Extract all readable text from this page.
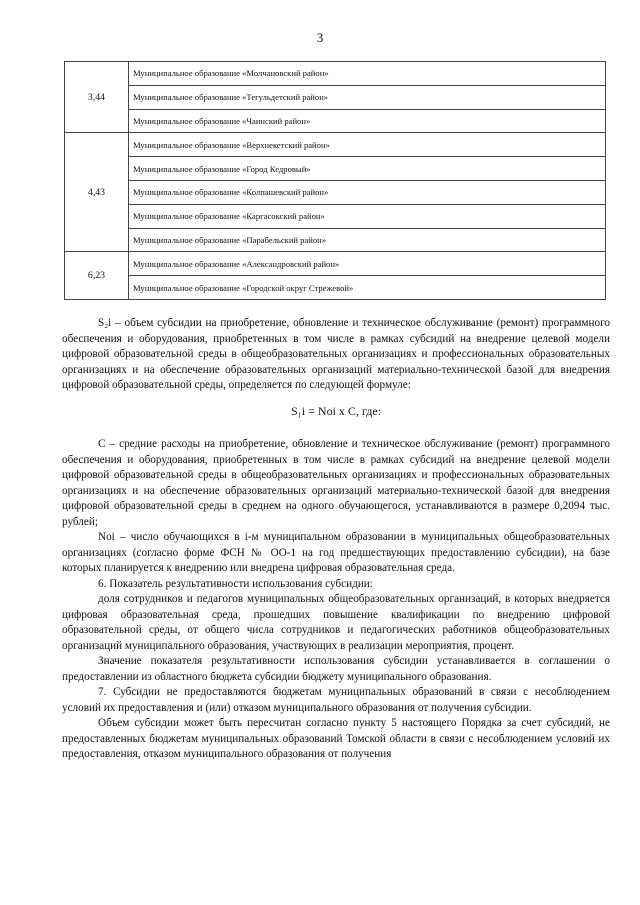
3
3,44	Муниципальное образование «Молчановский район»
	Муниципальное образование «Тегульдетский район»
	Муниципальное образование «Чаинский район»
4,43	Муниципальное образование «Верхнекетский район»
	Муниципальное образование «Город Кедровый»
	Муниципальное образование «Колпашевский район»
	Муниципальное образование «Каргасокский район»
	Муниципальное образование «Парабельский район»
6,23	Муниципальное образование «Александровский район»
	Муниципальное образование «Городской округ Стрежевой»

S₂i – объем субсидии на приобретение, обновление и техническое обслуживание (ремонт) программного обеспечения и оборудования, приобретенных в том числе в рамках субсидий на внедрение целевой модели цифровой образовательной среды в общеобразовательных организациях и профессиональных образовательных организациях и на обеспечение образовательных организаций материально-технической базой для внедрения цифровой образовательной среды, определяется по следующей формуле:

S₁i = Noi x C, где:

C – средние расходы на приобретение, обновление и техническое обслуживание (ремонт) программного обеспечения и оборудования, приобретенных в том числе в рамках субсидий на внедрение целевой модели цифровой образовательной среды в общеобразовательных организациях и профессиональных образовательных организациях и на обеспечение образовательных организаций материально-технической базой для внедрения цифровой образовательной среды в среднем на одного обучающегося, устанавливаются в размере 0,2094 тыс. рублей;

Noi – число обучающихся в i-м муниципальном образовании в муниципальных общеобразовательных организациях (согласно форме ФСН № ОО-1 на год предшествующих предоставлению субсидии), на базе которых планируется к внедрению или внедрена цифровая образовательная среда.

6. Показатель результативности использования субсидии:

доля сотрудников и педагогов муниципальных общеобразовательных организаций, в которых внедряется цифровая образовательная среда, прошедших повышение квалификации по внедрению цифровой образовательной среды, от общего числа сотрудников и педагогических работников общеобразовательных организаций муниципального образования, участвующих в реализации мероприятия, процент.

Значение показателя результативности использования субсидии устанавливается в соглашении о предоставлении из областного бюджета субсидии бюджету муниципального образования.

7. Субсидии не предоставляются бюджетам муниципальных образований в связи с несоблюдением условий их предоставления и (или) отказом муниципального образования от получения субсидии.

Объем субсидии может быть пересчитан согласно пункту 5 настоящего Порядка за счет субсидий, не предоставленных бюджетам муниципальных образований Томской области в связи с несоблюдением условий их предоставления, отказом муниципального образования от получения
